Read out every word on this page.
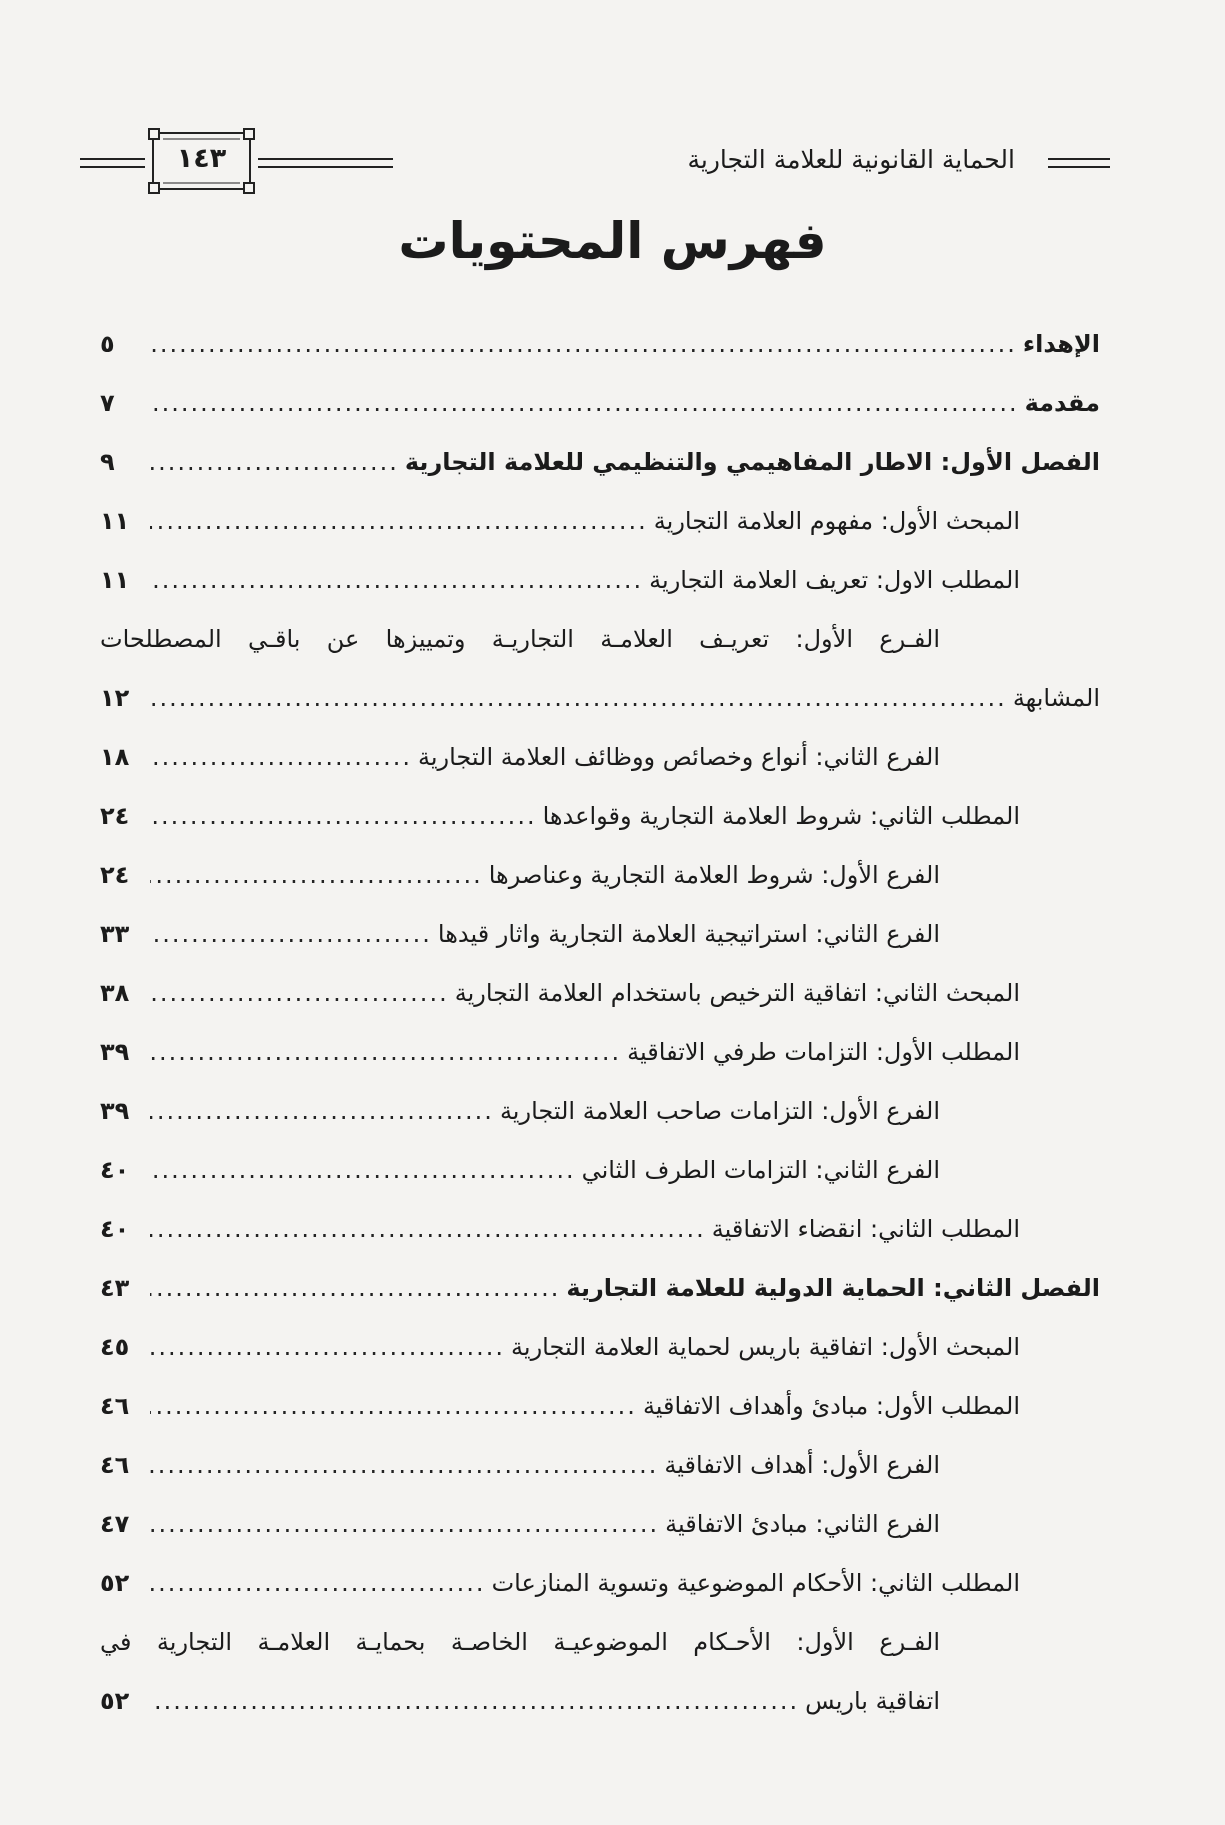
١٤٣	الحماية القانونية للعلامة التجارية
فهرس المحتويات
الإهداء
.....
٥
مقدمة
.....
٧
الفصل الأول: الاطار المفاهيمي والتنظيمي للعلامة التجارية
.....
٩
المبحث الأول: مفهوم العلامة التجارية
.....
١١
المطلب الاول: تعريف العلامة التجارية
.....
١١
الفـرع الأول: تعريـف العلامـة التجاريـة وتمييزها عن باقـي المصطلحات
المشابهة
.....
١٢
الفرع الثاني: أنواع وخصائص ووظائف العلامة التجارية
.....
١٨
المطلب الثاني: شروط العلامة التجارية وقواعدها
.....
٢٤
الفرع الأول: شروط العلامة التجارية وعناصرها
.....
٢٤
الفرع الثاني: استراتيجية العلامة التجارية واثار قيدها
.....
٣٣
المبحث الثاني: اتفاقية الترخيص باستخدام العلامة التجارية
.....
٣٨
المطلب الأول: التزامات طرفي الاتفاقية
.....
٣٩
الفرع الأول: التزامات صاحب العلامة التجارية
.....
٣٩
الفرع الثاني: التزامات الطرف الثاني
.....
٤٠
المطلب الثاني: انقضاء الاتفاقية
.....
٤٠
الفصل الثاني: الحماية الدولية للعلامة التجارية
.....
٤٣
المبحث الأول: اتفاقية باريس لحماية العلامة التجارية
.....
٤٥
المطلب الأول: مبادئ وأهداف الاتفاقية
.....
٤٦
الفرع الأول: أهداف الاتفاقية
.....
٤٦
الفرع الثاني: مبادئ الاتفاقية
.....
٤٧
المطلب الثاني: الأحكام الموضوعية وتسوية المنازعات
.....
٥٢
الفـرع الأول: الأحـكام الموضوعيـة الخاصـة بحمايـة العلامـة التجارية في
اتفاقية باريس
.....
٥٢
